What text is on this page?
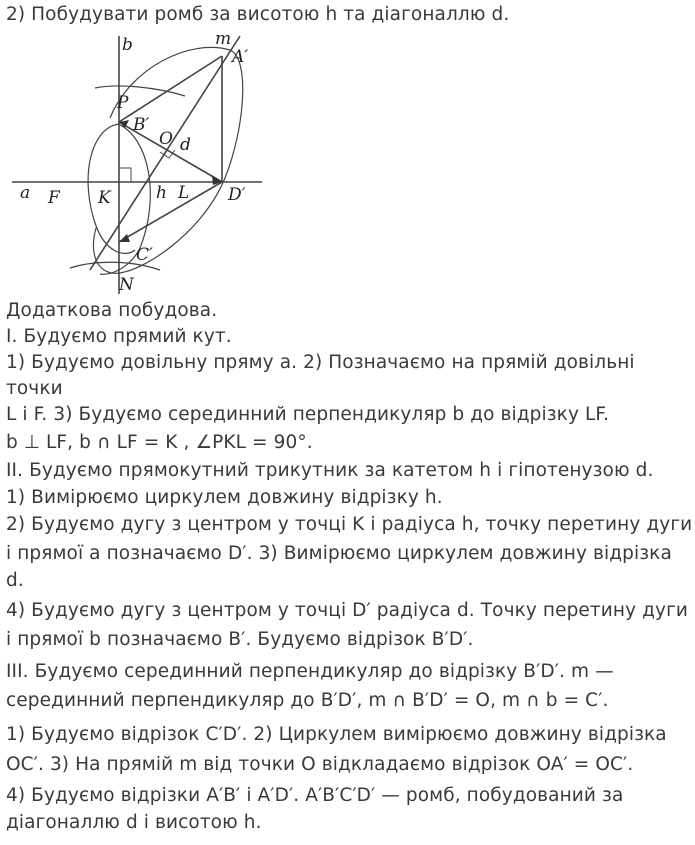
2) Побудувати ромб за висотою h та діагоналлю d.
b	m
A′
P
B′
O d
a F K	h L D′
C′
N
Додаткова побудова.
I. Будуємо прямий кут.
1) Будуємо довільну пряму a. 2) Позначаємо на прямій довільні
точки
L і F. 3) Будуємо серединний перпендикуляр b до відрізку LF.
b ⊥ LF, b ∩ LF = K , ∠PKL = 90°.
II. Будуємо прямокутний трикутник за катетом h і гіпотенузою d.
1) Вимірюємо циркулем довжину відрізку h.
2) Будуємо дугу з центром у точці K і радіуса h, точку перетину дуги
і прямої a позначаємо D′. 3) Вимірюємо циркулем довжину відрізка
d.
4) Будуємо дугу з центром у точці D′ радіуса d. Точку перетину дуги
і прямої b позначаємо B′. Будуємо відрізок B′D′.
III. Будуємо серединний перпендикуляр до відрізку B′D′. m —
серединний перпендикуляр до B′D′, m ∩ B′D′ = O, m ∩ b = C′.
1) Будуємо відрізок C′D′. 2) Циркулем вимірюємо довжину відрізка
OC′. 3) На прямій m від точки O відкладаємо відрізок OA′ = OC′.
4) Будуємо відрізки A′B′ і A′D′. A′B′C′D′ — ромб, побудований за
діагоналлю d і висотою h.
